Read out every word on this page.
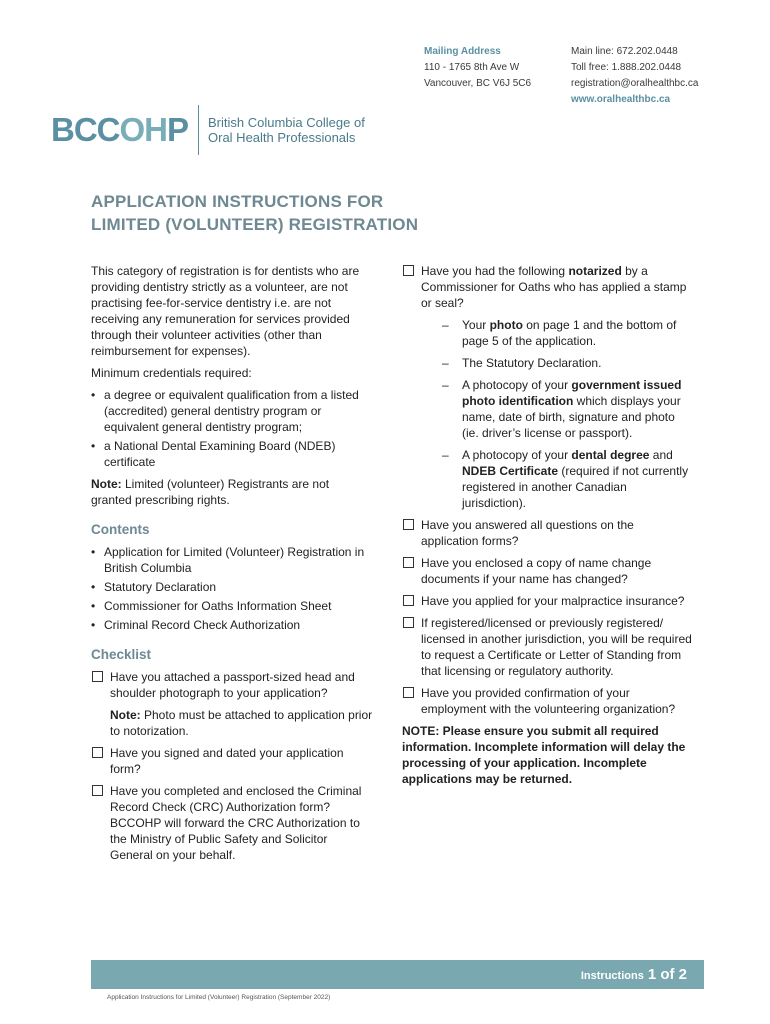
Mailing Address
110 - 1765 8th Ave W
Vancouver, BC V6J 5C6
Main line: 672.202.0448
Toll free: 1.888.202.0448
registration@oralhealthbc.ca
www.oralhealthbc.ca
BCCOHP British Columbia College of
Oral Health Professionals
APPLICATION INSTRUCTIONS FOR
LIMITED (VOLUNTEER) REGISTRATION

This category of registration is for dentists who are providing dentistry strictly as a volunteer, are not practising fee-for-service dentistry i.e. are not receiving any remuneration for services provided through their volunteer activities (other than reimbursement for expenses).

Minimum credentials required:

• a degree or equivalent qualification from a listed (accredited) general dentistry program or equivalent general dentistry program;
• a National Dental Examining Board (NDEB) certificate

Note: Limited (volunteer) Registrants are not granted prescribing rights.

Contents
• Application for Limited (Volunteer) Registration in British Columbia
• Statutory Declaration
• Commissioner for Oaths Information Sheet
• Criminal Record Check Authorization
Checklist
Have you attached a passport-sized head and shoulder photograph to your application?

Note: Photo must be attached to application prior to notorization.

Have you signed and dated your application form?
Have you completed and enclosed the Criminal Record Check (CRC) Authorization form? BCCOHP will forward the CRC Authorization to the Ministry of Public Safety and Solicitor General on your behalf.
Have you had the following notarized by a Commissioner for Oaths who has applied a stamp or seal?
– Your photo on page 1 and the bottom of page 5 of the application.
– The Statutory Declaration.
– A photocopy of your government issued photo identification which displays your name, date of birth, signature and photo (ie. driver’s license or passport).
– A photocopy of your dental degree and NDEB Certificate (required if not currently registered in another Canadian jurisdiction).
Have you answered all questions on the application forms?
Have you enclosed a copy of name change documents if your name has changed?
Have you applied for your malpractice insurance?
If registered/licensed or previously registered/ licensed in another jurisdiction, you will be required to request a Certificate or Letter of Standing from that licensing or regulatory authority.
Have you provided confirmation of your employment with the volunteering organization?

NOTE: Please ensure you submit all required information. Incomplete information will delay the processing of your application. Incomplete applications may be returned.

Instructions 1 of 2
Application Instructions for Limited (Volunteer) Registration (September 2022)
